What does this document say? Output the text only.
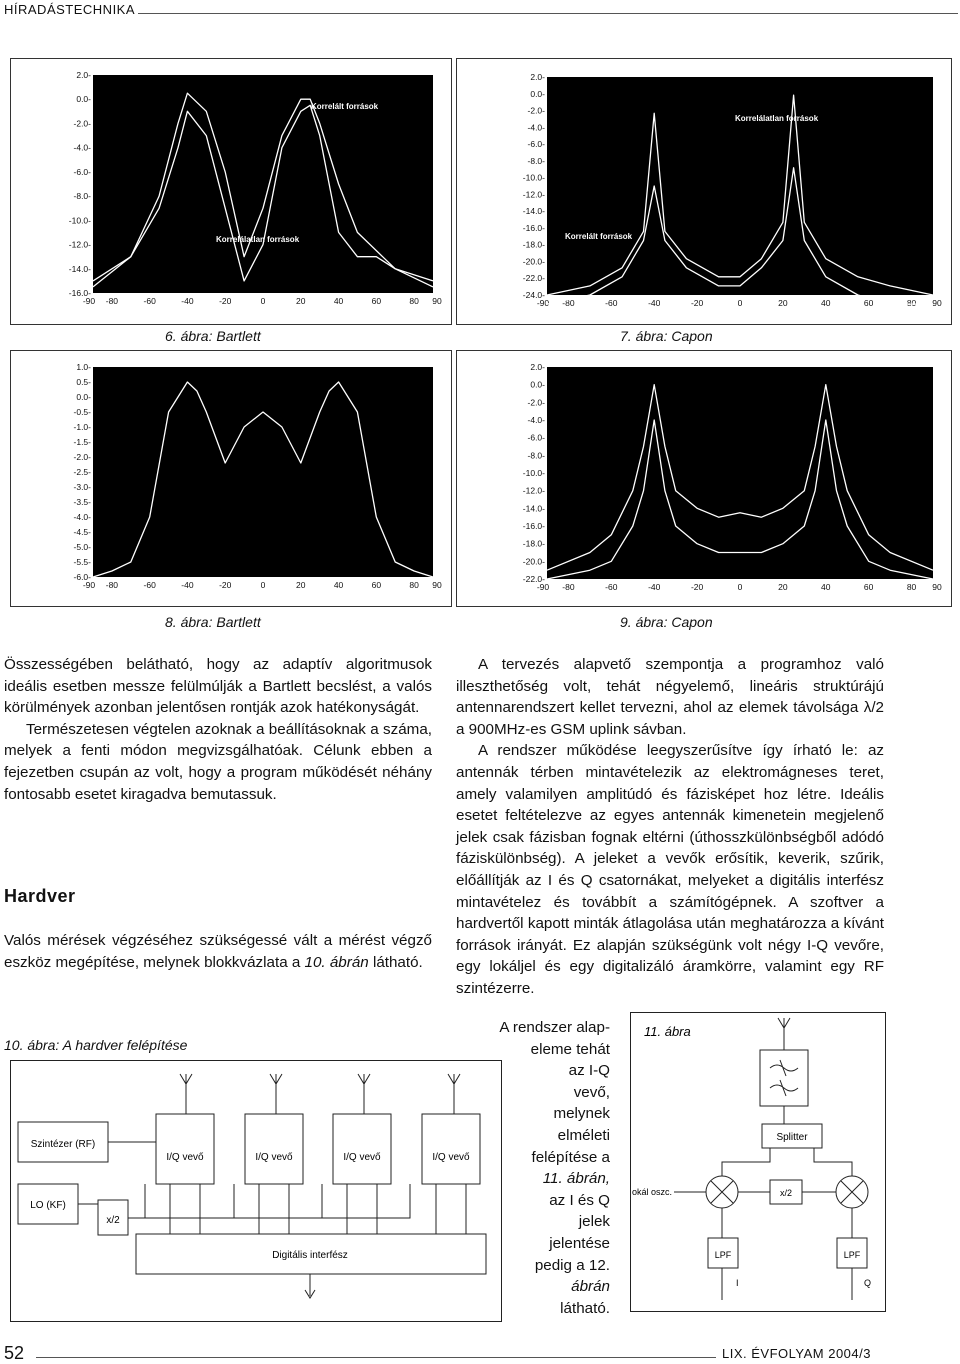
HÍRADÁSTECHNIKA
2.0-
0.0-
-2.0-
-4.0-
-6.0-
-8.0-
-10.0-
-12.0-
-14.0-
-16.0-
-90 -80	-60	-40	-20	0	20	40	60	80 90
Korrelált források
Korrelálatlan források
2.0-
0.0-
-2.0-
-4.0-
-6.0-
-8.0-
-10.0-
-12.0-
-14.0-
-16.0-
-18.0-
-20.0-
-22.0-
-24.0-
-90 -80	-60	-40	-20	0	20	40	60	80 90
Korrelálatlan források
Korrelált források
6. ábra: Bartlett	7. ábra: Capon
1.0-
0.5-
0.0-
-0.5-
-1.0-
-1.5-
-2.0-
-2.5-
-3.0-
-3.5-
-4.0-
-4.5-
-5.0-
-5.5-
-6.0-
-90 -80	-60	-40	-20	0	20	40	60	80 90
2.0-
0.0-
-2.0-
-4.0-
-6.0-
-8.0-
-10.0-
-12.0-
-14.0-
-16.0-
-18.0-
-20.0-
-22.0-
-90 -80	-60	-40	-20	0	20	40	60	80 90
8. ábra: Bartlett	9. ábra: Capon

Összességében belátható, hogy az adaptív algoritmusok ideális esetben messze felülmúlják a Bartlett becslést, a valós körülmények azonban jelentősen rontják azok hatékonyságát.

Természetesen végtelen azoknak a beállításoknak a száma, melyek a fenti módon megvizsgálhatóak. Célunk ebben a fejezetben csupán az volt, hogy a program működését néhány fontosabb esetet kiragadva bemutassuk.

Hardver
Valós mérések végzéséhez szükségessé vált a mérést végző eszköz megépítése, melynek blokkvázlata a 10. ábrán látható.
10. ábra: A hardver felépítése

A tervezés alapvető szempontja a programhoz való illeszthetőség volt, tehát négyelemő, lineáris struktúrájú antennarendszert kellet tervezni, ahol az elemek távolsága λ/2 a 900MHz-es GSM uplink sávban.

A rendszer működése leegyszerűsítve így írható le: az antennák térben mintavételezik az elektromágneses teret, amely valamilyen amplitúdó és fázisképet hoz létre. Ideális esetet feltételezve az egyes antennák kimenetein megjelenő jelek csak fázisban fognak eltérni (úthosszkülönbségből adódó fáziskülönbség). A jeleket a vevők erősítik, keverik, szűrik, előállítják az I és Q csatornákat, melyeket a digitális interfész mintavételez és továbbít a számítógépnek. A szoftver a hardvertől kapott minták átlagolása után meghatározza a kívánt források irányát. Ez alapján szükségünk volt négy I-Q vevőre, egy lokáljel és egy digitalizáló áramkörre, valamint egy RF szintézerre.

A rendszer alap-
eleme tehát
az I-Q
vevő,
melynek
elméleti
felépítése a
11. ábrán,
az I és Q
jelek
jelentése
pedig a 12.
ábrán
látható.
Szintézer (RF)
LO (KF)
x/2
I/Q vevő	I/Q vevő	I/Q vevő	I/Q vevő
Digitális interfész
11. ábra
Splitter
okál oszc.	x/2
LPF	LPF
I	Q
52	LIX. ÉVFOLYAM 2004/3
